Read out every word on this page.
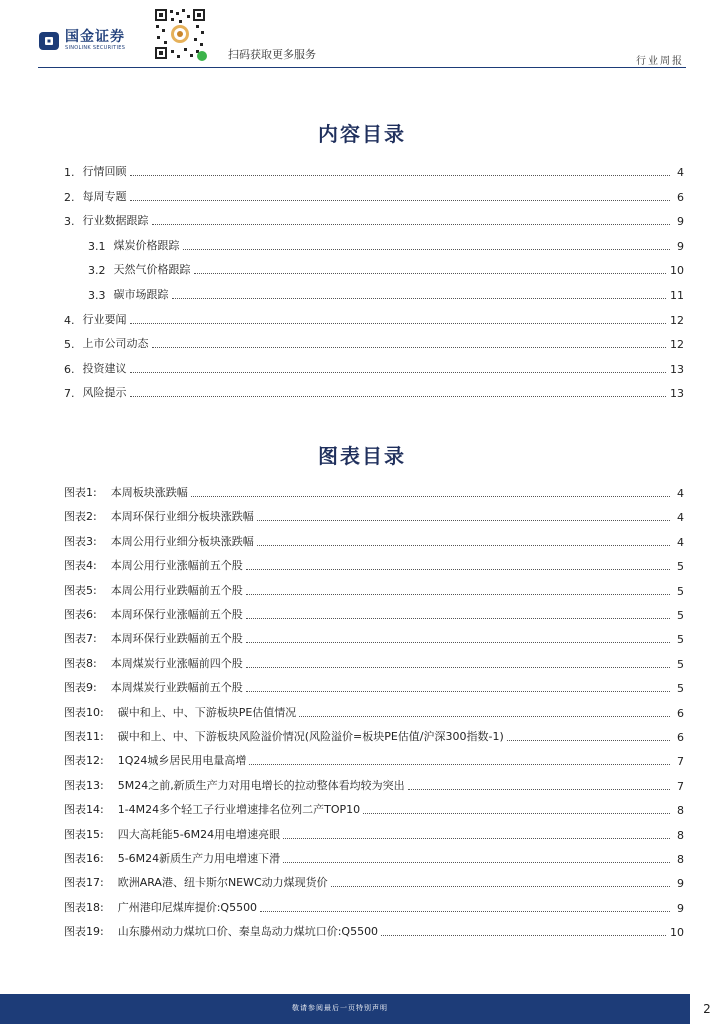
国金证券
SINOLINK SECURITIES	扫码获取更多服务
行业周报
内容目录
1. 行情回顾	4
2. 每周专题	6
3. 行业数据跟踪	9
3.1 煤炭价格跟踪	9
3.2 天然气价格跟踪	10
3.3 碳市场跟踪	11
4. 行业要闻	12
5. 上市公司动态	12
6. 投资建议	13
7. 风险提示	13
图表目录
图表1: 本周板块涨跌幅	4
图表2: 本周环保行业细分板块涨跌幅	4
图表3: 本周公用行业细分板块涨跌幅	4
图表4: 本周公用行业涨幅前五个股	5
图表5: 本周公用行业跌幅前五个股	5
图表6: 本周环保行业涨幅前五个股	5
图表7: 本周环保行业跌幅前五个股	5
图表8: 本周煤炭行业涨幅前四个股	5
图表9: 本周煤炭行业跌幅前五个股	5
图表10: 碳中和上、中、下游板块PE估值情况	6
图表11: 碳中和上、中、下游板块风险溢价情况(风险溢价=板块PE估值/沪深300指数-1)	6
图表12: 1Q24城乡居民用电量高增	7
图表13: 5M24之前,新质生产力对用电增长的拉动整体看均较为突出	7
图表14: 1-4M24多个轻工子行业增速排名位列二产TOP10	8
图表15: 四大高耗能5-6M24用电增速亮眼	8
图表16: 5-6M24新质生产力用电增速下滑	8
图表17: 欧洲ARA港、纽卡斯尔NEWC动力煤现货价	9
图表18: 广州港印尼煤库提价:Q5500	9
图表19: 山东滕州动力煤坑口价、秦皇岛动力煤坑口价:Q5500	10
敬请参阅最后一页特别声明	2
